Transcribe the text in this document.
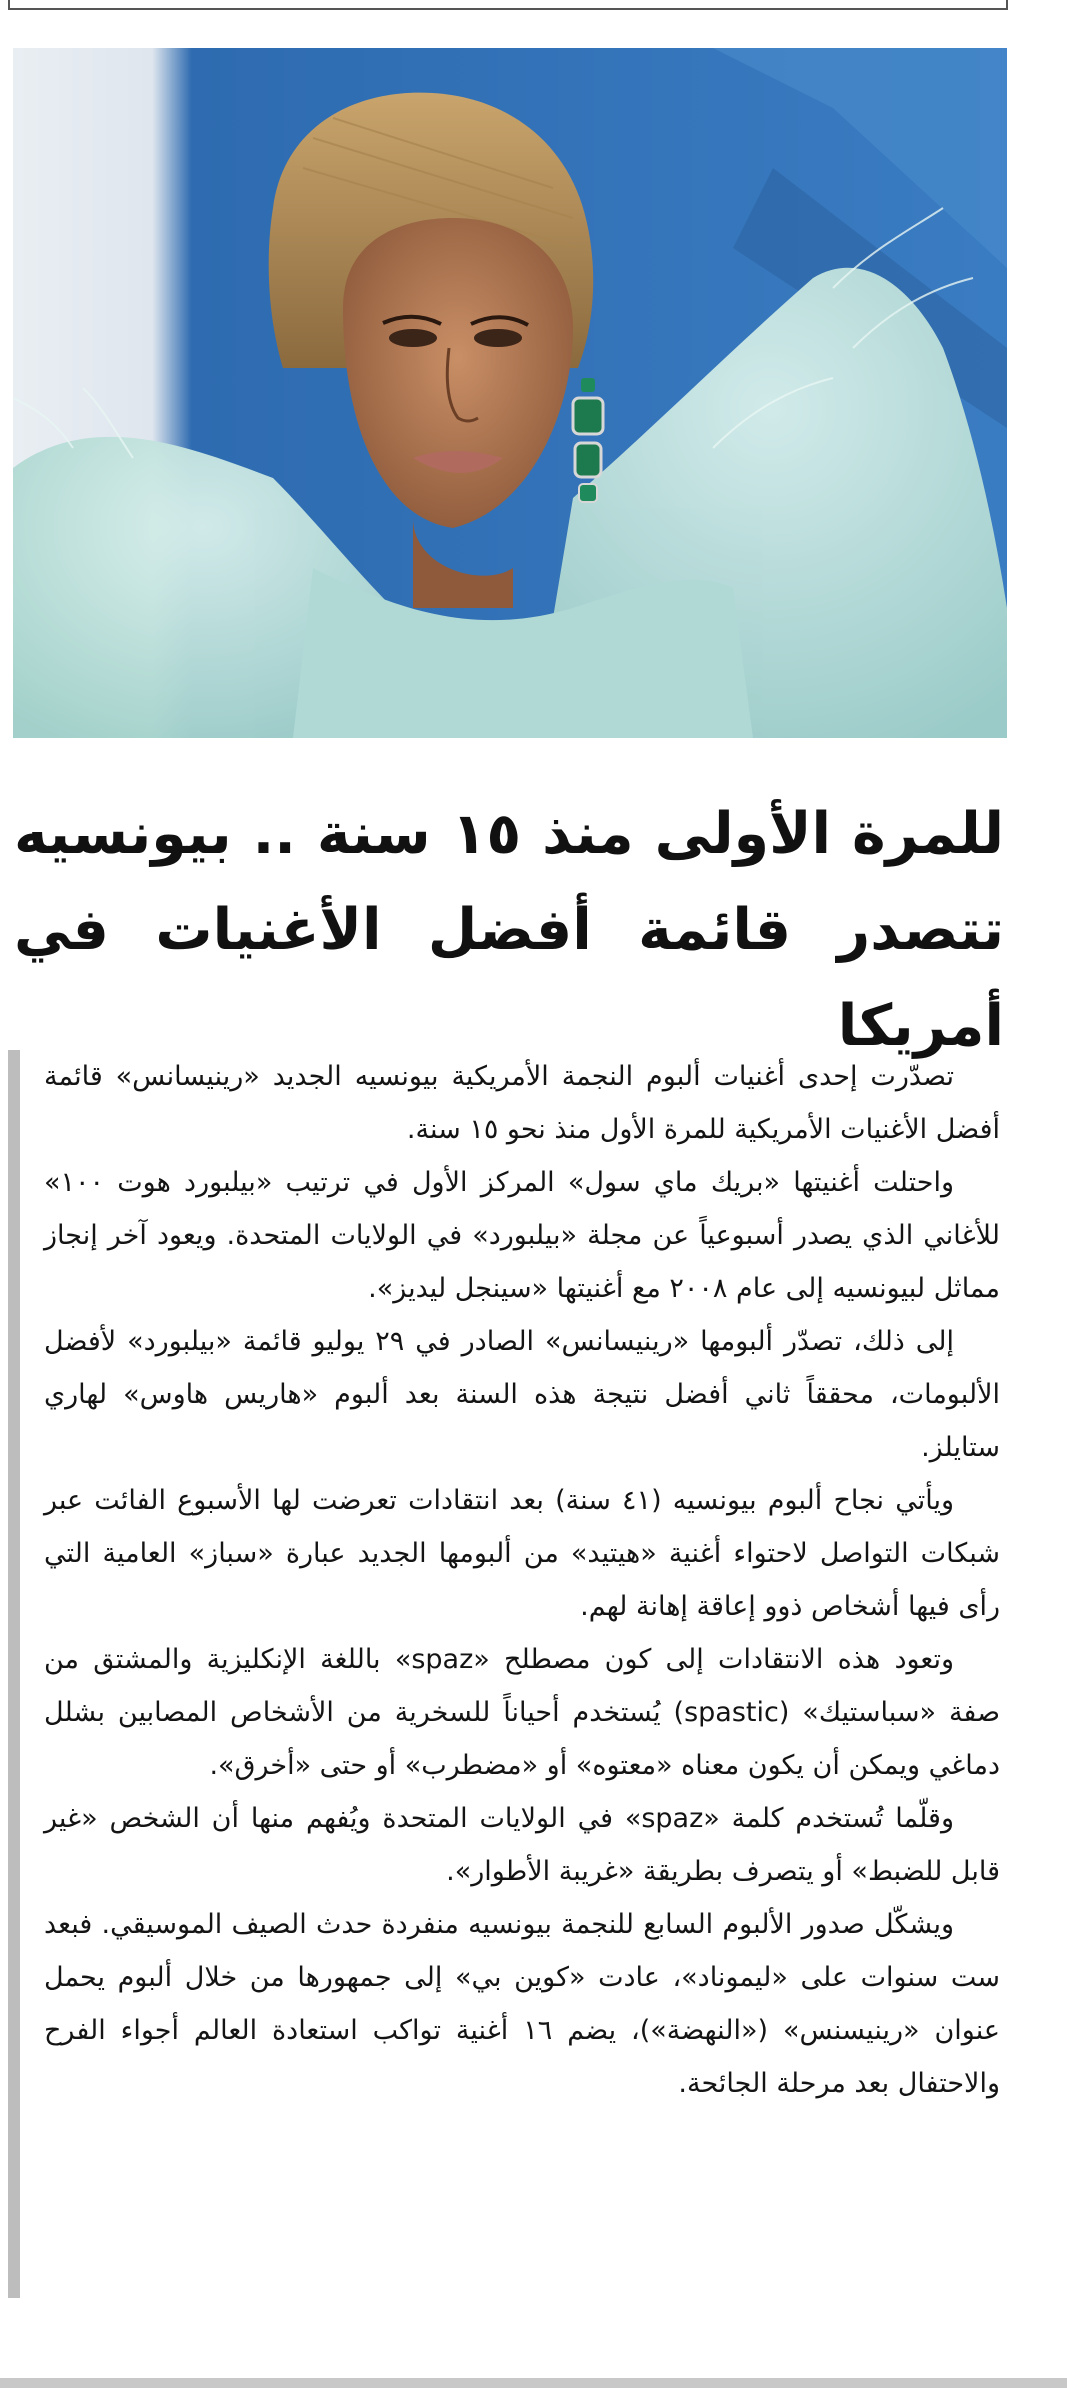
للمرة الأولى منذ ١٥ سنة .. بيونسيه
تتصدر قائمة أفضل الأغنيات في أمريكا

تصدّرت إحدى أغنيات ألبوم النجمة الأمريكية بيونسيه الجديد «رينيسانس» قائمة أفضل الأغنيات الأمريكية للمرة الأول منذ نحو ١٥ سنة.

واحتلت أغنيتها «بريك ماي سول» المركز الأول في ترتيب «بيلبورد هوت ١٠٠» للأغاني الذي يصدر أسبوعياً عن مجلة «بيلبورد» في الولايات المتحدة. ويعود آخر إنجاز مماثل لبيونسيه إلى عام ٢٠٠٨ مع أغنيتها «سينجل ليديز».

إلى ذلك، تصدّر ألبومها «رينيسانس» الصادر في ٢٩ يوليو قائمة «بيلبورد» لأفضل الألبومات، محققاً ثاني أفضل نتيجة هذه السنة بعد ألبوم «هاريس هاوس» لهاري ستايلز.

ويأتي نجاح ألبوم بيونسيه (٤١ سنة) بعد انتقادات تعرضت لها الأسبوع الفائت عبر شبكات التواصل لاحتواء أغنية «هيتيد» من ألبومها الجديد عبارة «سباز» العامية التي رأى فيها أشخاص ذوو إعاقة إهانة لهم.

وتعود هذه الانتقادات إلى كون مصطلح «spaz» باللغة الإنكليزية والمشتق من صفة «سباستيك» (spastic) يُستخدم أحياناً للسخرية من الأشخاص المصابين بشلل دماغي ويمكن أن يكون معناه «معتوه» أو «مضطرب» أو حتى «أخرق».

وقلّما تُستخدم كلمة «spaz» في الولايات المتحدة ويُفهم منها أن الشخص «غير قابل للضبط» أو يتصرف بطريقة «غريبة الأطوار».

ويشكّل صدور الألبوم السابع للنجمة بيونسيه منفردة حدث الصيف الموسيقي. فبعد ست سنوات على «ليموناد»، عادت «كوين بي» إلى جمهورها من خلال ألبوم يحمل عنوان «رينيسنس» («النهضة»)، يضم ١٦ أغنية تواكب استعادة العالم أجواء الفرح والاحتفال بعد مرحلة الجائحة.
